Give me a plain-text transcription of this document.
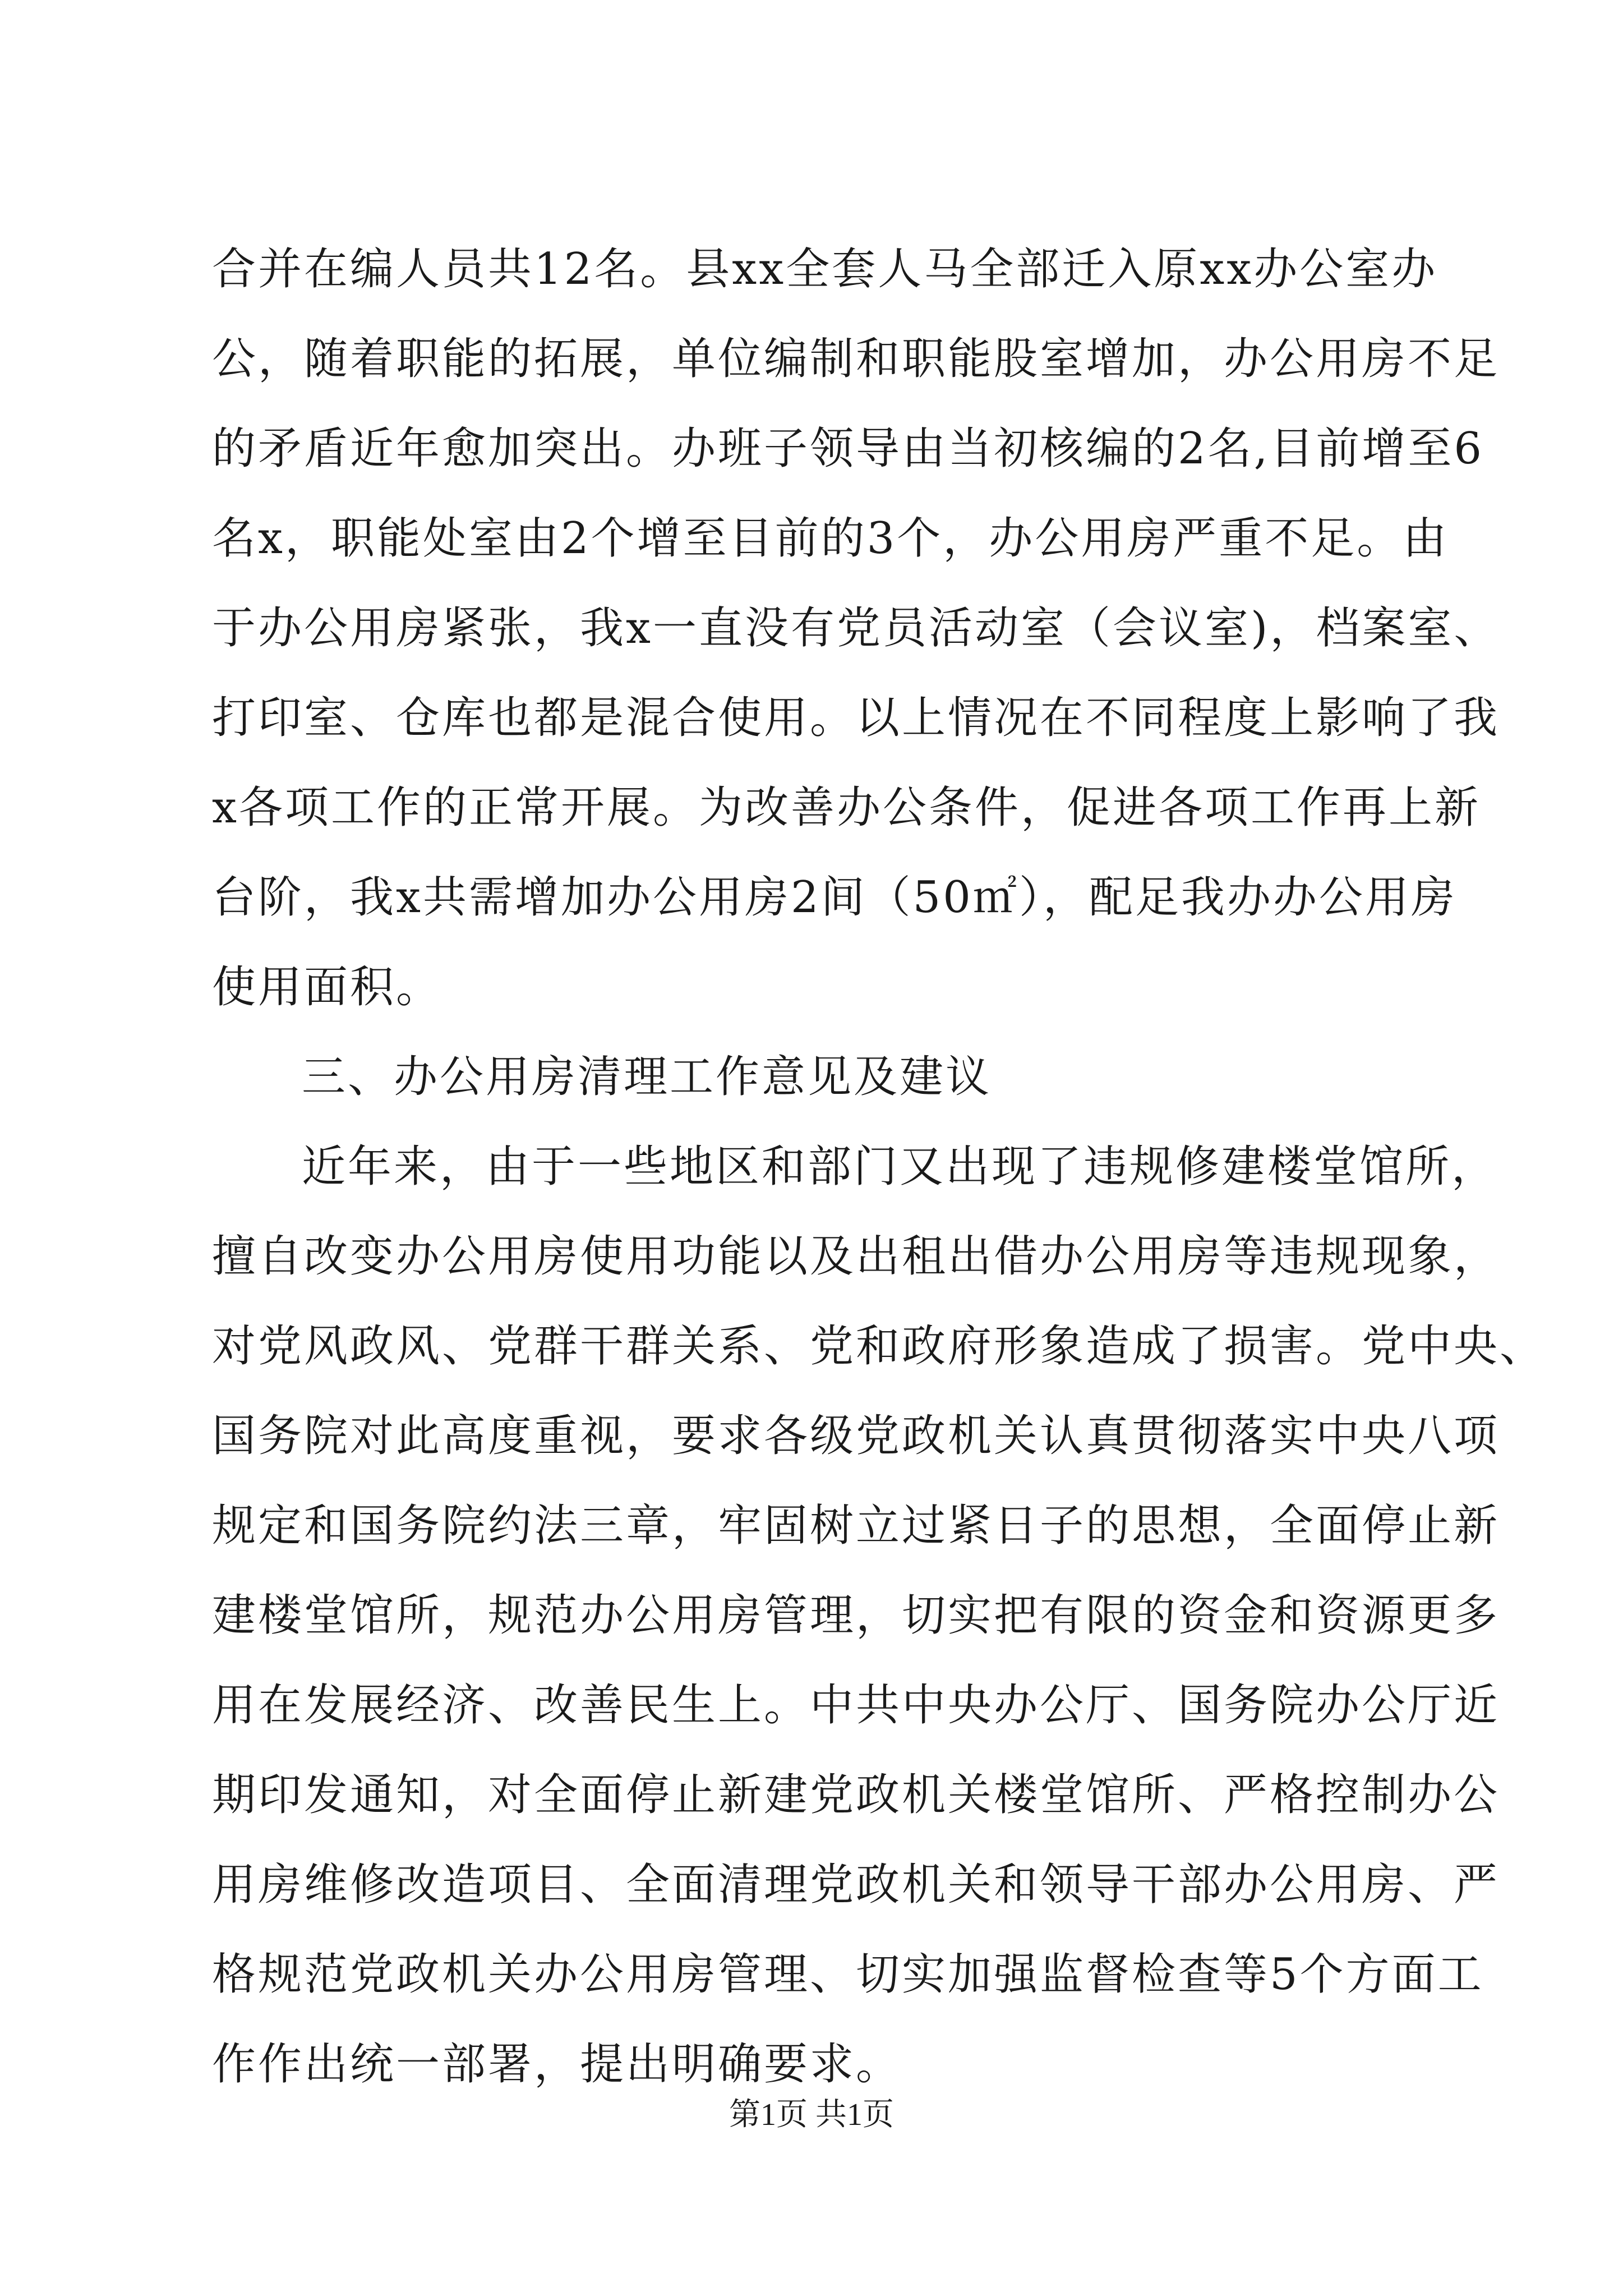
合并在编人员共12名。县xx全套人马全部迁入原xx办公室办
公，随着职能的拓展，单位编制和职能股室增加，办公用房不足
的矛盾近年愈加突出。办班子领导由当初核编的2名,目前增至6
名x，职能处室由2个增至目前的3个，办公用房严重不足。由
于办公用房紧张，我x一直没有党员活动室（会议室)，档案室、
打印室、仓库也都是混合使用。以上情况在不同程度上影响了我
x各项工作的正常开展。为改善办公条件，促进各项工作再上新
台阶，我x共需增加办公用房2间（50㎡），配足我办办公用房
使用面积。
三、办公用房清理工作意见及建议
近年来，由于一些地区和部门又出现了违规修建楼堂馆所，
擅自改变办公用房使用功能以及出租出借办公用房等违规现象，
对党风政风、党群干群关系、党和政府形象造成了损害。党中央、
国务院对此高度重视，要求各级党政机关认真贯彻落实中央八项
规定和国务院约法三章，牢固树立过紧日子的思想，全面停止新
建楼堂馆所，规范办公用房管理，切实把有限的资金和资源更多
用在发展经济、改善民生上。中共中央办公厅、国务院办公厅近
期印发通知，对全面停止新建党政机关楼堂馆所、严格控制办公
用房维修改造项目、全面清理党政机关和领导干部办公用房、严
格规范党政机关办公用房管理、切实加强监督检查等5个方面工
作作出统一部署，提出明确要求。
第1页 共1页
